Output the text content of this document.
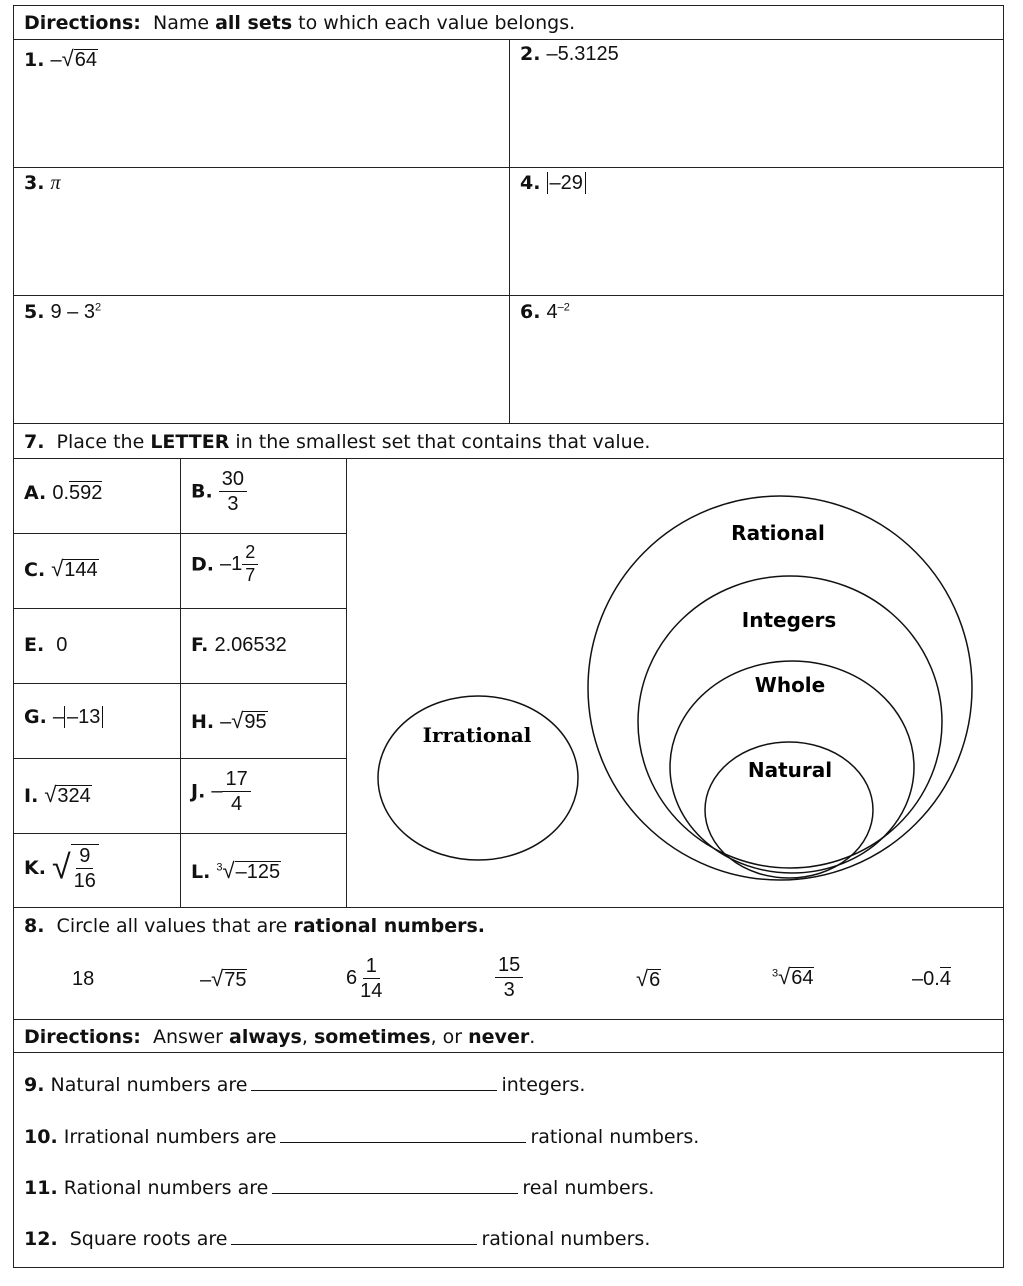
Directions: Name all sets to which each value belongs.
1. –√64	2. –5.3125
3. π	4. –29
5. $9 - 3^2$	6. $4^{-2}$
7. Place the LETTER in the smallest set that contains that value.
A. 0.592	B. $\frac{30}{3}$
C. √144	D. $-1 \frac{2}{7}$
E. 0	F. 2.06532
G. – –13	H. –√95
I. √324	J. – $\frac{17}{4}$
K. √ $\frac{9}{16}$	L. $^3$√–125
Irrational
Rational
Integers
Whole
Natural
8. Circle all values that are rational numbers.
18	–√75	$6 \frac{1}{14}$	$\frac{15}{3}$	√6	$^3$√64	–0.4
Directions: Answer always, sometimes, or never.
9. Natural numbers are	integers.
10. Irrational numbers are	rational numbers.
11. Rational numbers are	real numbers.
12.  Square roots are	rational numbers.
